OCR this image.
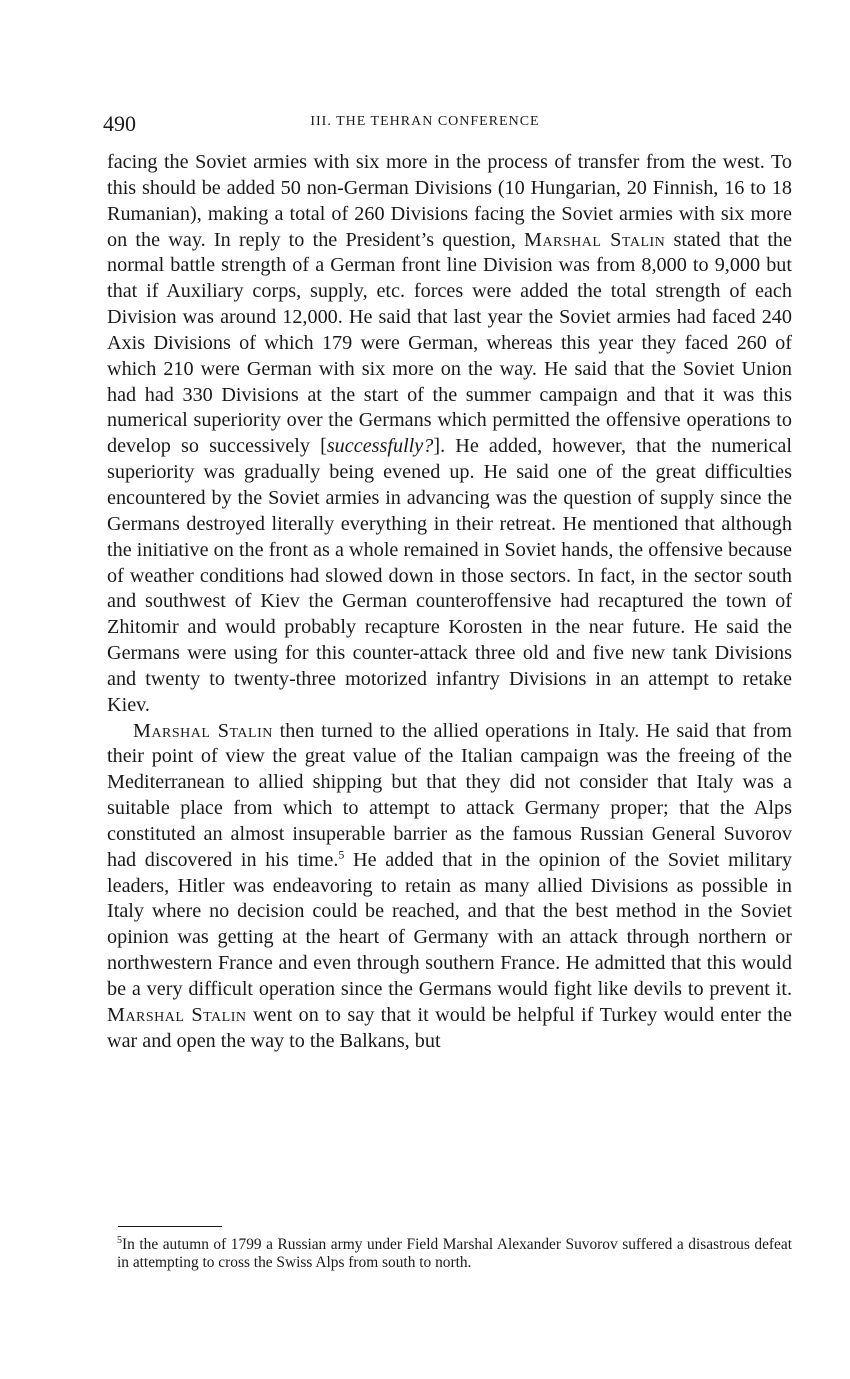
490	III. THE TEHRAN CONFERENCE

facing the Soviet armies with six more in the process of transfer from the west. To this should be added 50 non-German Divisions (10 Hungarian, 20 Finnish, 16 to 18 Rumanian), making a total of 260 Divisions facing the Soviet armies with six more on the way. In reply to the President’s question, Marshal Stalin stated that the normal battle strength of a German front line Division was from 8,000 to 9,000 but that if Auxiliary corps, supply, etc. forces were added the total strength of each Division was around 12,000. He said that last year the Soviet armies had faced 240 Axis Divisions of which 179 were German, whereas this year they faced 260 of which 210 were German with six more on the way. He said that the Soviet Union had had 330 Divisions at the start of the summer campaign and that it was this numerical superiority over the Germans which permitted the offensive operations to develop so successively [successfully?]. He added, however, that the numerical superiority was gradually being evened up. He said one of the great difficulties encountered by the Soviet armies in advancing was the question of supply since the Germans destroyed literally everything in their retreat. He mentioned that although the initiative on the front as a whole remained in Soviet hands, the offensive because of weather conditions had slowed down in those sectors. In fact, in the sector south and southwest of Kiev the German counteroffensive had recaptured the town of Zhitomir and would probably recapture Korosten in the near future. He said the Germans were using for this counter-attack three old and five new tank Divisions and twenty to twenty-three motorized infantry Divisions in an attempt to retake Kiev.

Marshal Stalin then turned to the allied operations in Italy. He said that from their point of view the great value of the Italian campaign was the freeing of the Mediterranean to allied shipping but that they did not consider that Italy was a suitable place from which to attempt to attack Germany proper; that the Alps constituted an almost insuperable barrier as the famous Russian General Suvorov had discovered in his time.$^5$ He added that in the opinion of the Soviet military leaders, Hitler was endeavoring to retain as many allied Divisions as possible in Italy where no decision could be reached, and that the best method in the Soviet opinion was getting at the heart of Germany with an attack through northern or northwestern France and even through southern France. He admitted that this would be a very difficult operation since the Germans would fight like devils to prevent it. Marshal Stalin went on to say that it would be helpful if Turkey would enter the war and open the way to the Balkans, but

$^5$In the autumn of 1799 a Russian army under Field Marshal Alexander Suvorov suffered a disastrous defeat in attempting to cross the Swiss Alps from south to north.
